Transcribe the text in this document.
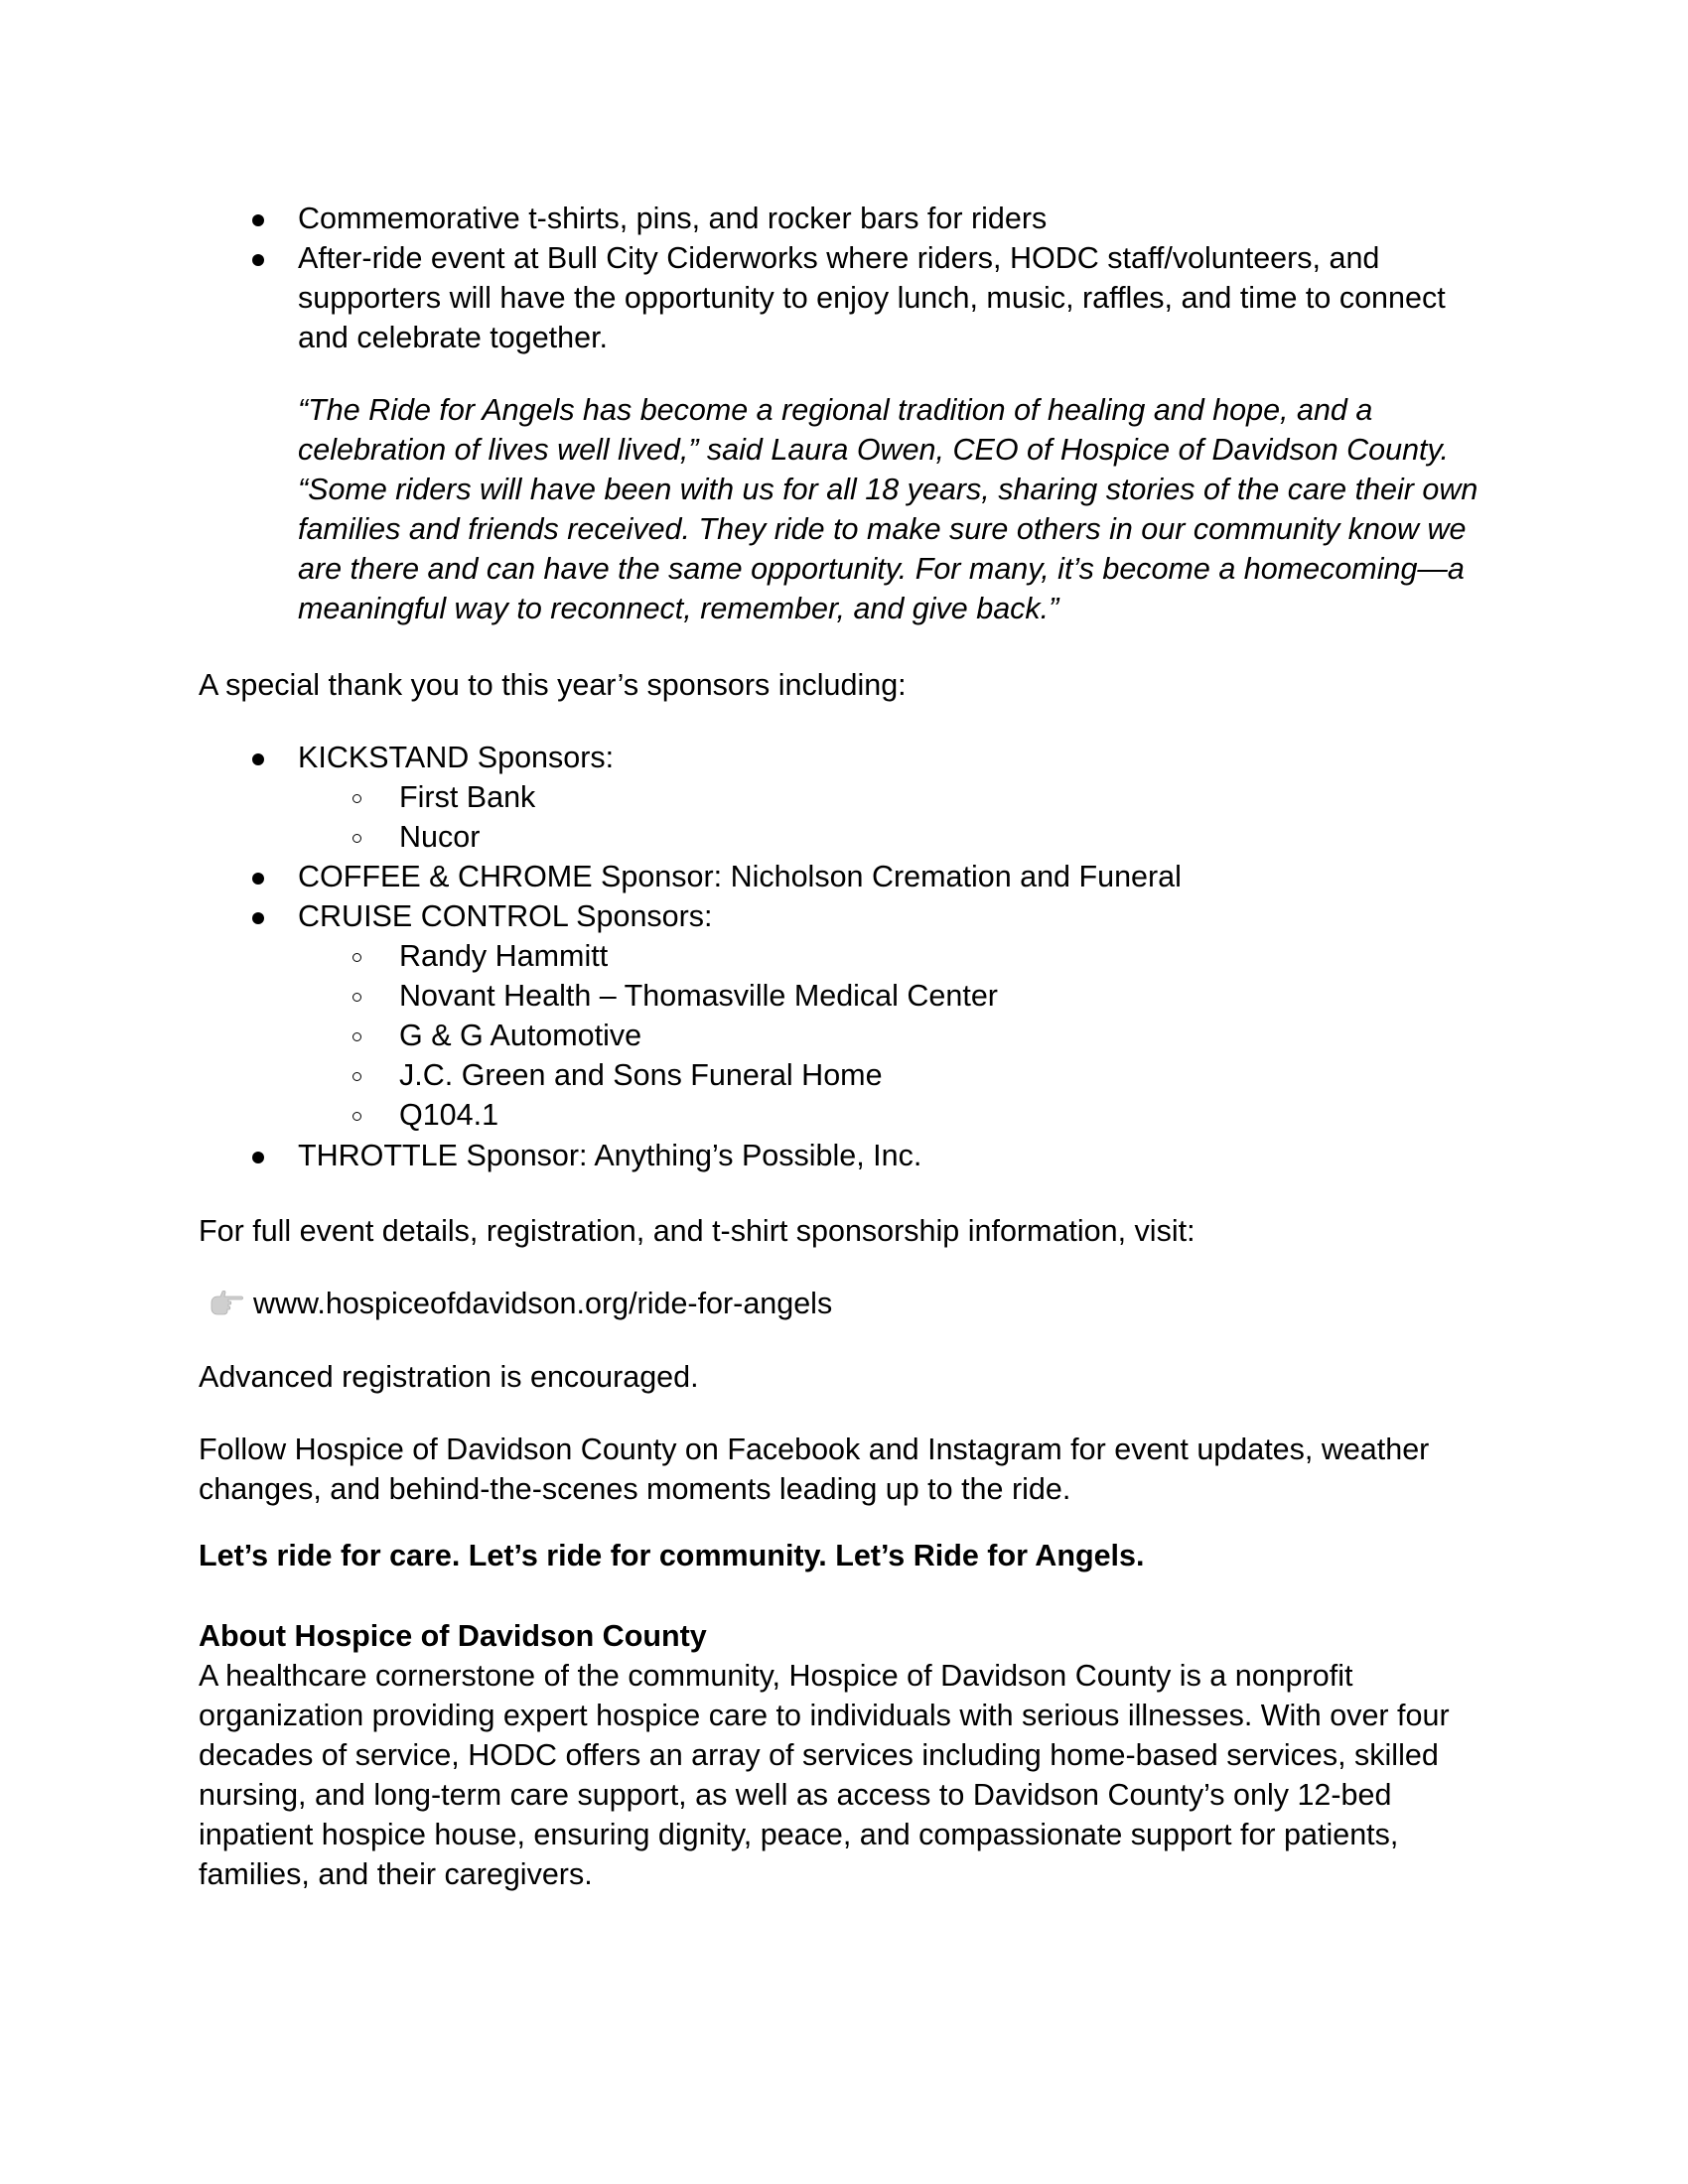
Commemorative t-shirts, pins, and rocker bars for riders
After-ride event at Bull City Ciderworks where riders, HODC staff/volunteers, and
supporters will have the opportunity to enjoy lunch, music, raffles, and time to connect
and celebrate together.
“The Ride for Angels has become a regional tradition of healing and hope, and a
celebration of lives well lived,” said Laura Owen, CEO of Hospice of Davidson County.
“Some riders will have been with us for all 18 years, sharing stories of the care their own
families and friends received. They ride to make sure others in our community know we
are there and can have the same opportunity. For many, it’s become a homecoming—a
meaningful way to reconnect, remember, and give back.”
A special thank you to this year’s sponsors including:
KICKSTAND Sponsors:
First Bank
Nucor
COFFEE & CHROME Sponsor: Nicholson Cremation and Funeral
CRUISE CONTROL Sponsors:
Randy Hammitt
Novant Health – Thomasville Medical Center
G & G Automotive
J.C. Green and Sons Funeral Home
Q104.1
THROTTLE Sponsor: Anything’s Possible, Inc.
For full event details, registration, and t-shirt sponsorship information, visit:
www.hospiceofdavidson.org/ride-for-angels
Advanced registration is encouraged.
Follow Hospice of Davidson County on Facebook and Instagram for event updates, weather
changes, and behind-the-scenes moments leading up to the ride.
Let’s ride for care. Let’s ride for community. Let’s Ride for Angels.
About Hospice of Davidson County
A healthcare cornerstone of the community, Hospice of Davidson County is a nonprofit
organization providing expert hospice care to individuals with serious illnesses. With over four
decades of service, HODC offers an array of services including home-based services, skilled
nursing, and long-term care support, as well as access to Davidson County’s only 12-bed
inpatient hospice house, ensuring dignity, peace, and compassionate support for patients,
families, and their caregivers.
